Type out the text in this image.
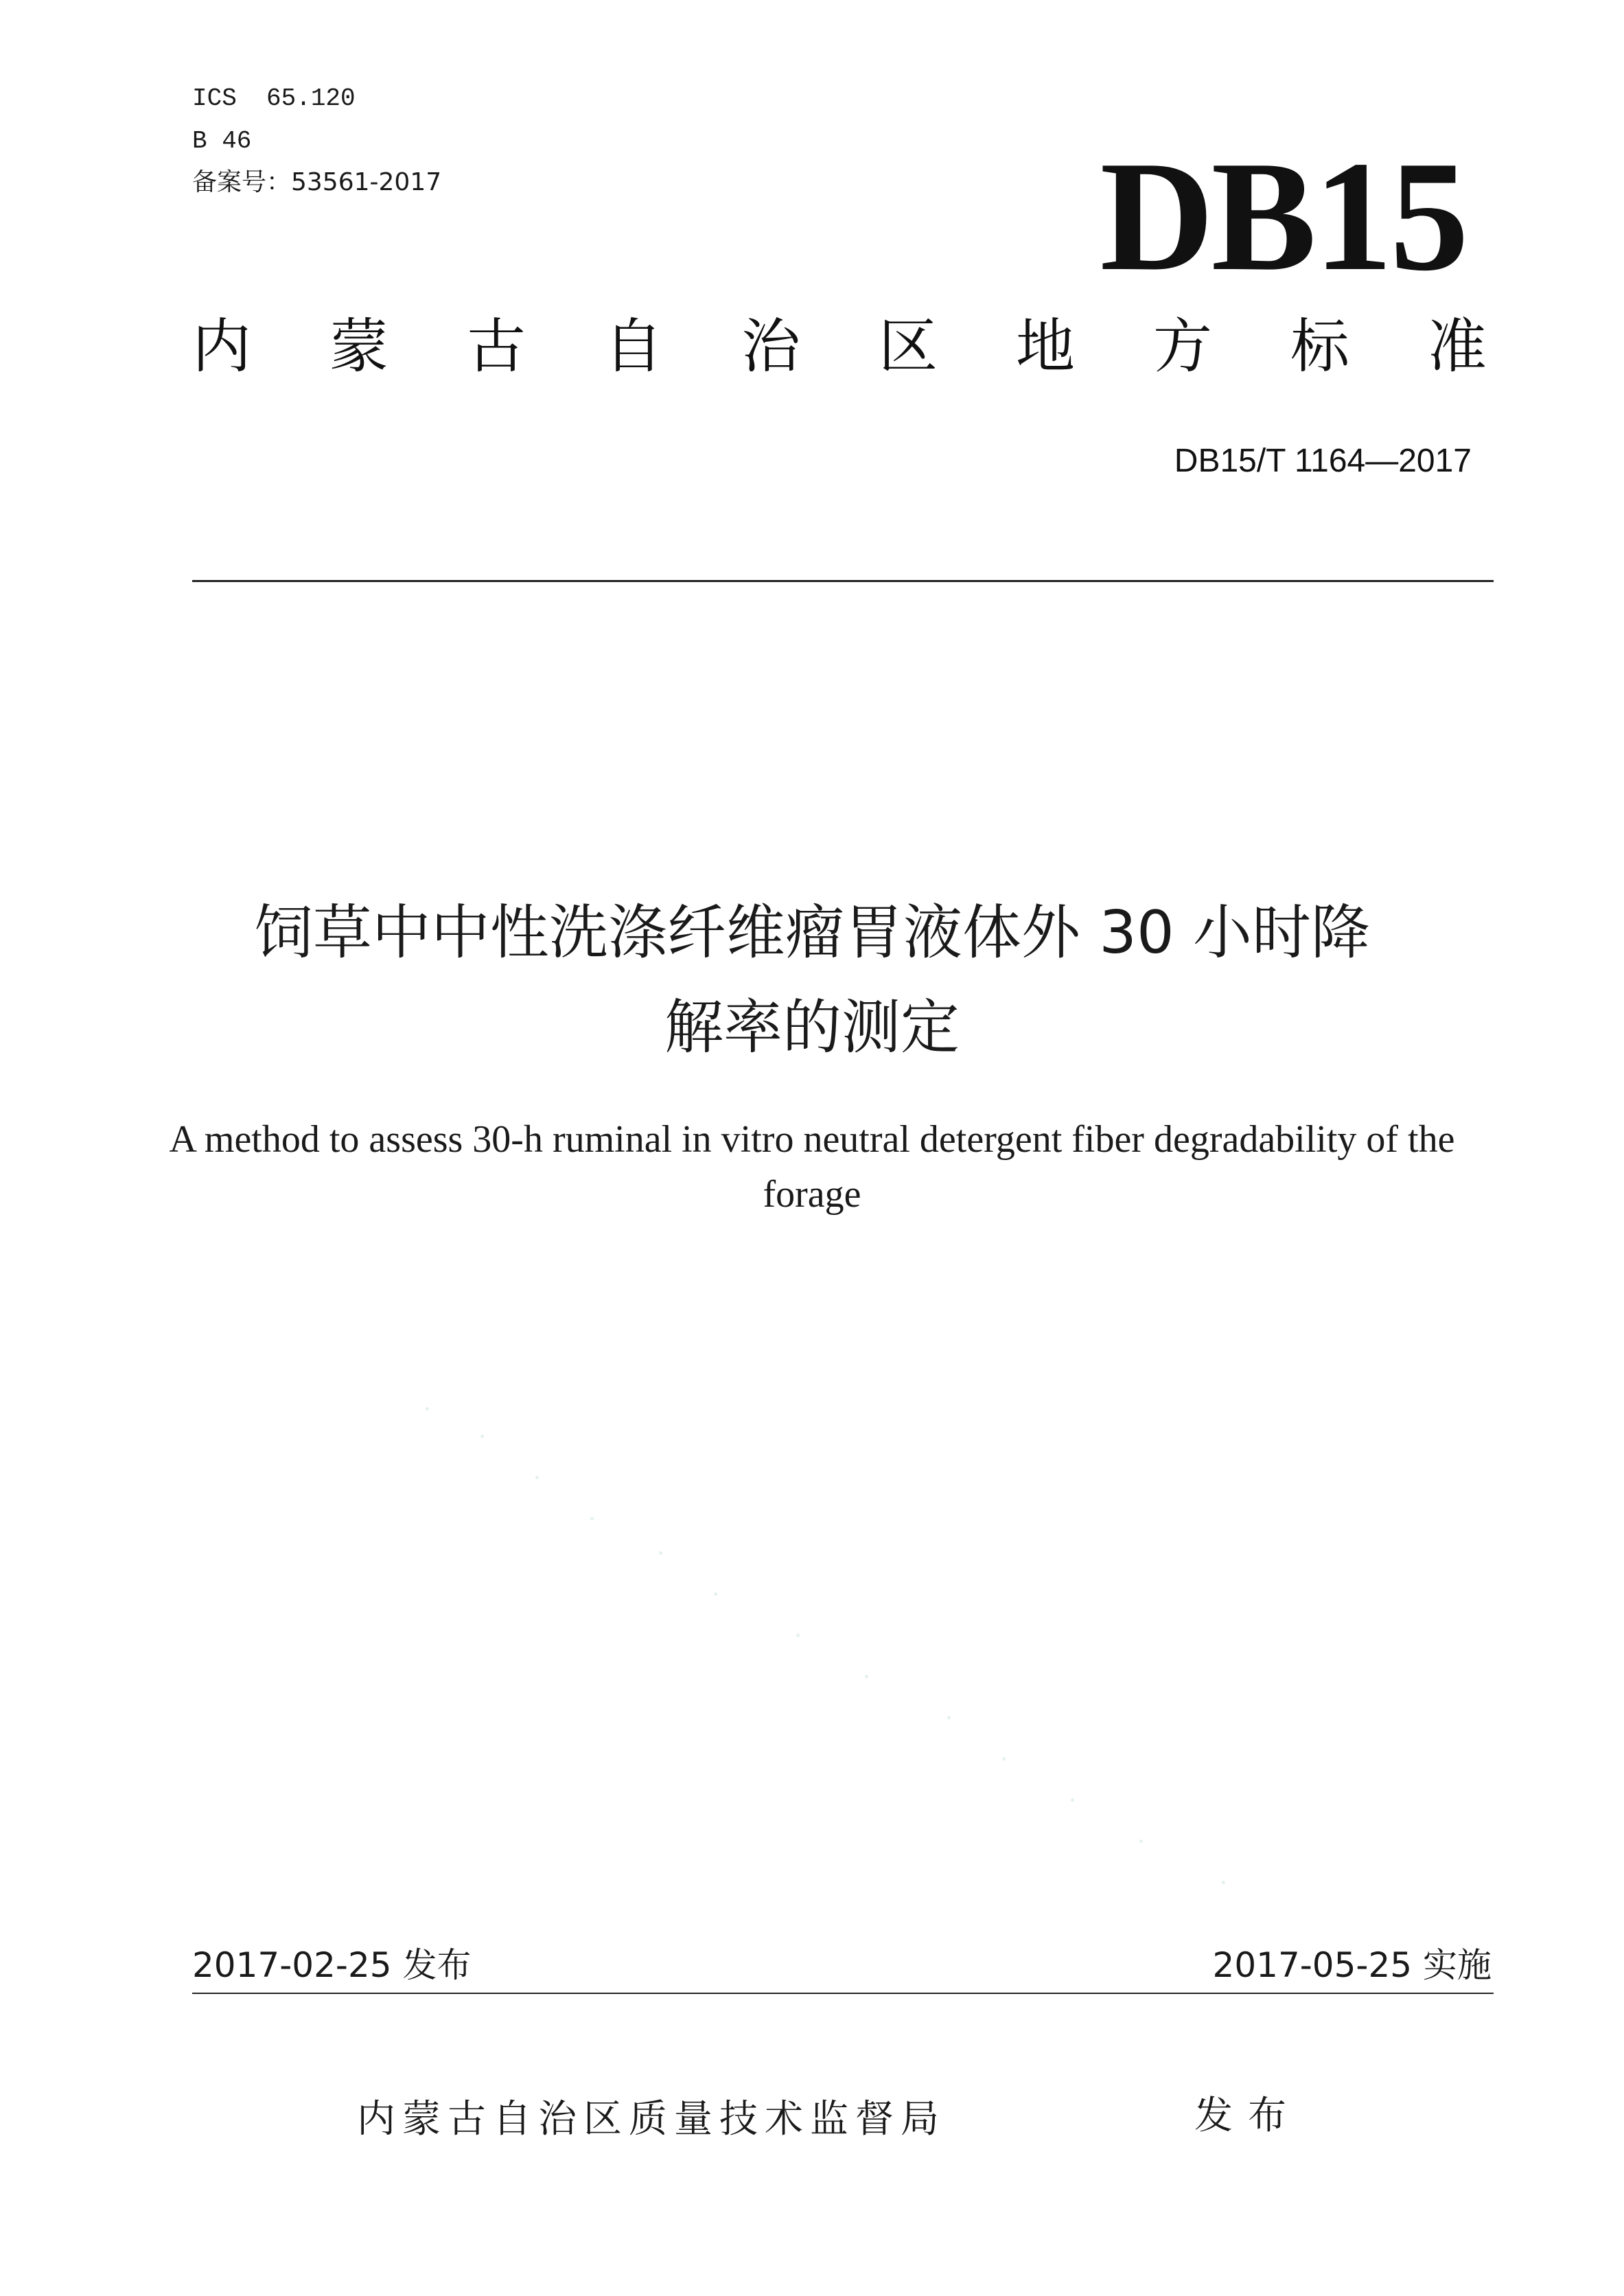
ICS  65.120
B 46
备案号：53561-2017	DB15
内 蒙 古 自 治 区 地 方 标 准
DB15/T 1164—2017
饲草中中性洗涤纤维瘤胃液体外 30 小时降
解率的测定
A method to assess 30-h ruminal in vitro neutral detergent fiber degradability of the
forage
2017-02-25 发布	2017-05-25 实施
内蒙古自治区质量技术监督局	发布
